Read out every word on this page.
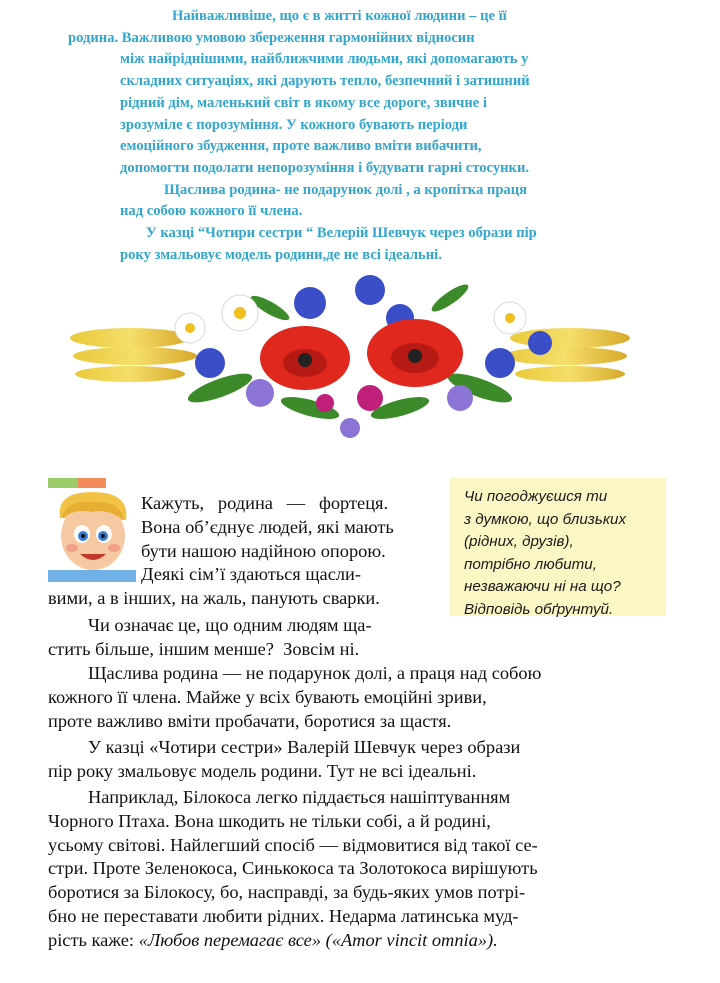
Найважливіше, що є в житті кожної людини – це її
родина. Важливою умовою збереження гармонійних відносин
між найріднішими, найближчими людьми, які допомагають у
складних ситуаціях, які дарують тепло, безпечний і затишний
рідний дім, маленький світ в якому все дороге, звичне і
зрозуміле є порозуміння. У кожного бувають періоди
емоційного збудження, проте важливо вміти вибачити,
допомогти подолати непорозуміння і будувати гарні стосунки.

Щаслива родина- не подарунок долі , а кропітка праця
над собою кожного її члена.

У казці “Чотири сестри “ Велерій Шевчук через образи пір
року змальовує модель родини,де не всі ідеальні.

Чи погоджуєшся ти
з думкою, що близьких
(рідних, друзів),
потрібно любити,
незважаючи ні на що?
Відповідь обґрунтуй.
Кажуть,   родина   —   фортеця.
Вона об’єднує людей, які мають
бути нашою надійною опорою.
Деякі сім’ї здаються щасли-
вими, а в інших, на жаль, панують сварки.
Чи означає це, що одним людям ща-
стить більше, іншим менше?  Зовсім ні.
Щаслива родина — не подарунок долі, а праця над собою
кожного її члена. Майже у всіх бувають емоційні зриви,
проте важливо вміти пробачати, боротися за щастя.
У казці «Чотири сестри» Валерій Шевчук через образи
пір року змальовує модель родини. Тут не всі ідеальні.
Наприклад, Білокоса легко піддається нашіптуванням
Чорного Птаха. Вона шкодить не тільки собі, а й родині,
усьому світові. Найлегший спосіб — відмовитися від такої се-
стри. Проте Зеленокоса, Синькокоса та Золотокоса вирішують
боротися за Білокосу, бо, насправді, за будь-яких умов потрі-
бно не переставати любити рідних. Недарма латинська муд-
рість каже: «Любов перемагає все»
(«Amor vincit omnia»).
